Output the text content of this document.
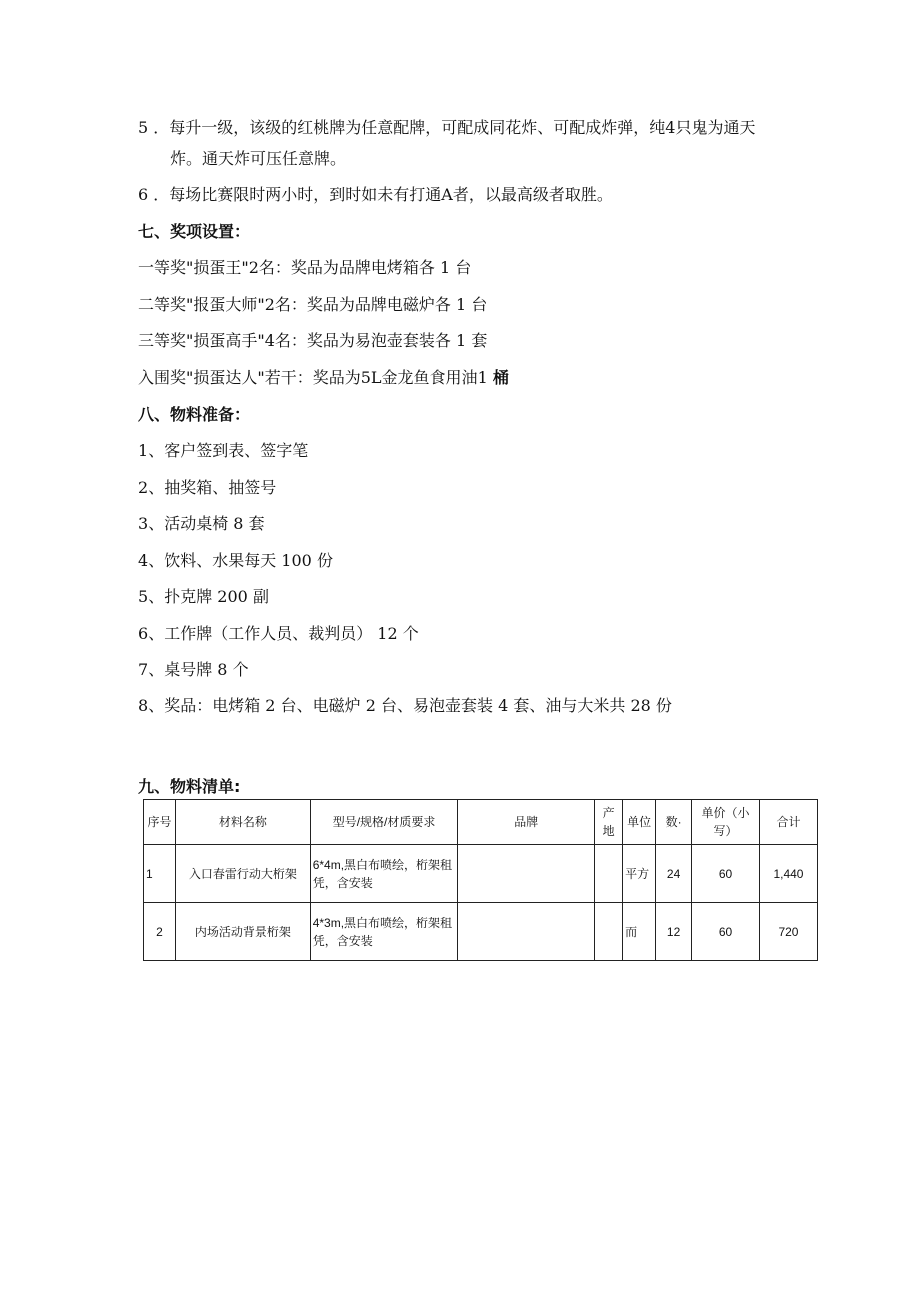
5 ．每升一级，该级的红桃牌为任意配牌，可配成同花炸、可配成炸弹，纯4只鬼为通天
炸。通天炸可压任意牌。
6 ．每场比赛限时两小时，到时如未有打通A者，以最高级者取胜。
七、奖项设置：
一等奖"损蛋王"2名：奖品为品牌电烤箱各 1 台
二等奖"报蛋大师"2名：奖品为品牌电磁炉各 1 台
三等奖"损蛋高手"4名：奖品为易泡壶套装各 1 套
入围奖"损蛋达人"若干：奖品为5L金龙鱼食用油1 桶
八、物料准备：
1、客户签到表、签字笔
2、抽奖箱、抽签号
3、活动桌椅 8 套
4、饮料、水果每天 100 份
5、扑克牌 200 副
6、工作牌（工作人员、裁判员） 12 个
7、桌号牌 8 个
8、奖品：电烤箱 2 台、电磁炉 2 台、易泡壶套装 4 套、油与大米共 28 份
九、物料清单:
序号	材料名称	型号/规格/材质要求	品牌	产地	单位	数·	单价（小写）	合计
1	入口春雷行动大桁架	6*4m,黑白布喷绘，桁架租凭，含安装			平方	24	60	1,440
2	内场活动背景桁架	4*3m,黑白布喷绘，桁架租凭，含安装			而	12	60	720
